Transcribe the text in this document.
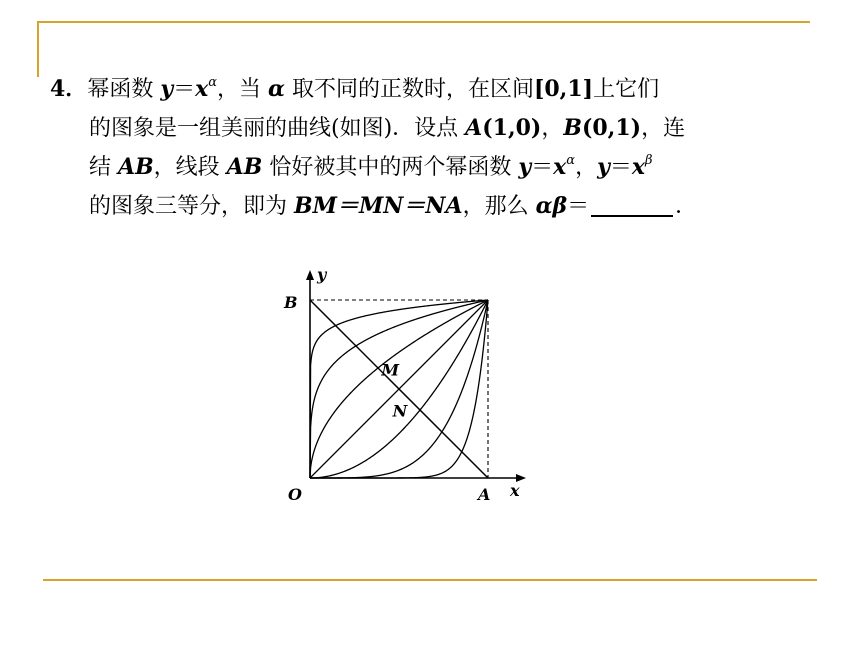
4．幂函数 $y=x^\alpha$，当 α 取不同的正数时，在区间[0,1]上它们
的图象是一组美丽的曲线(如图)．设点 A(1,0)，B(0,1)，连
结 AB，线段 AB 恰好被其中的两个幂函数 $y=x^\alpha$，$y=x^\beta$
的图象三等分，即为 BM＝MN＝NA，那么 αβ＝	．
y
x
B
O	A
M
N
